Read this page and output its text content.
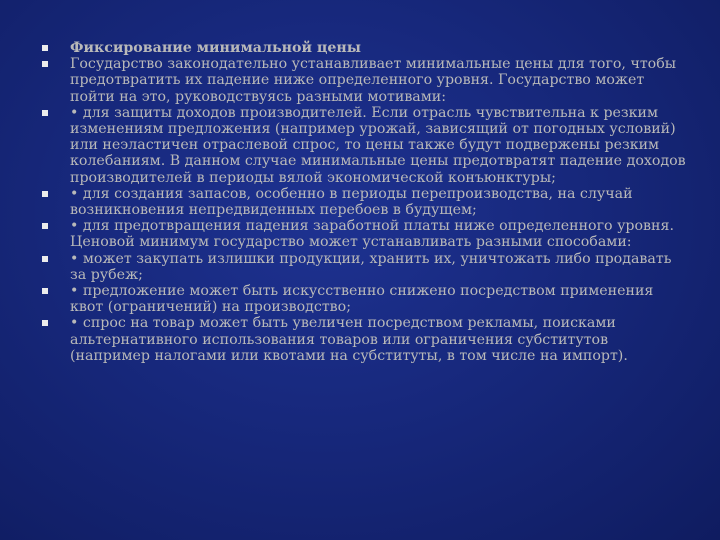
Фиксирование минимальной цены
Государство законодательно устанавливает минимальные цены для того, чтобы предотвратить их падение ниже определенного уровня. Государство может пойти на это, руководствуясь разными мотивами:
• для защиты доходов производителей. Если отрасль чувствительна к резким изменениям предложения (например урожай, зависящий от погодных условий) или неэластичен отраслевой спрос, то цены также будут подвержены резким колебаниям. В данном случае минимальные цены предотвратят падение доходов производителей в периоды вялой экономической конъюнктуры;
• для создания запасов, особенно в периоды перепроизводства, на случай возникновения непредвиденных перебоев в будущем;
• для предотвращения падения заработной платы ниже определенного уровня. Ценовой минимум государство может устанавливать разными способами:
• может закупать излишки продукции, хранить их, уничтожать либо продавать за рубеж;
• предложение может быть искусственно снижено посредством применения квот (ограничений) на производство;
• спрос на товар может быть увеличен посредством рекламы, поисками альтернативного использования товаров или ограничения субститутов (например налогами или квотами на субституты, в том числе на импорт).
